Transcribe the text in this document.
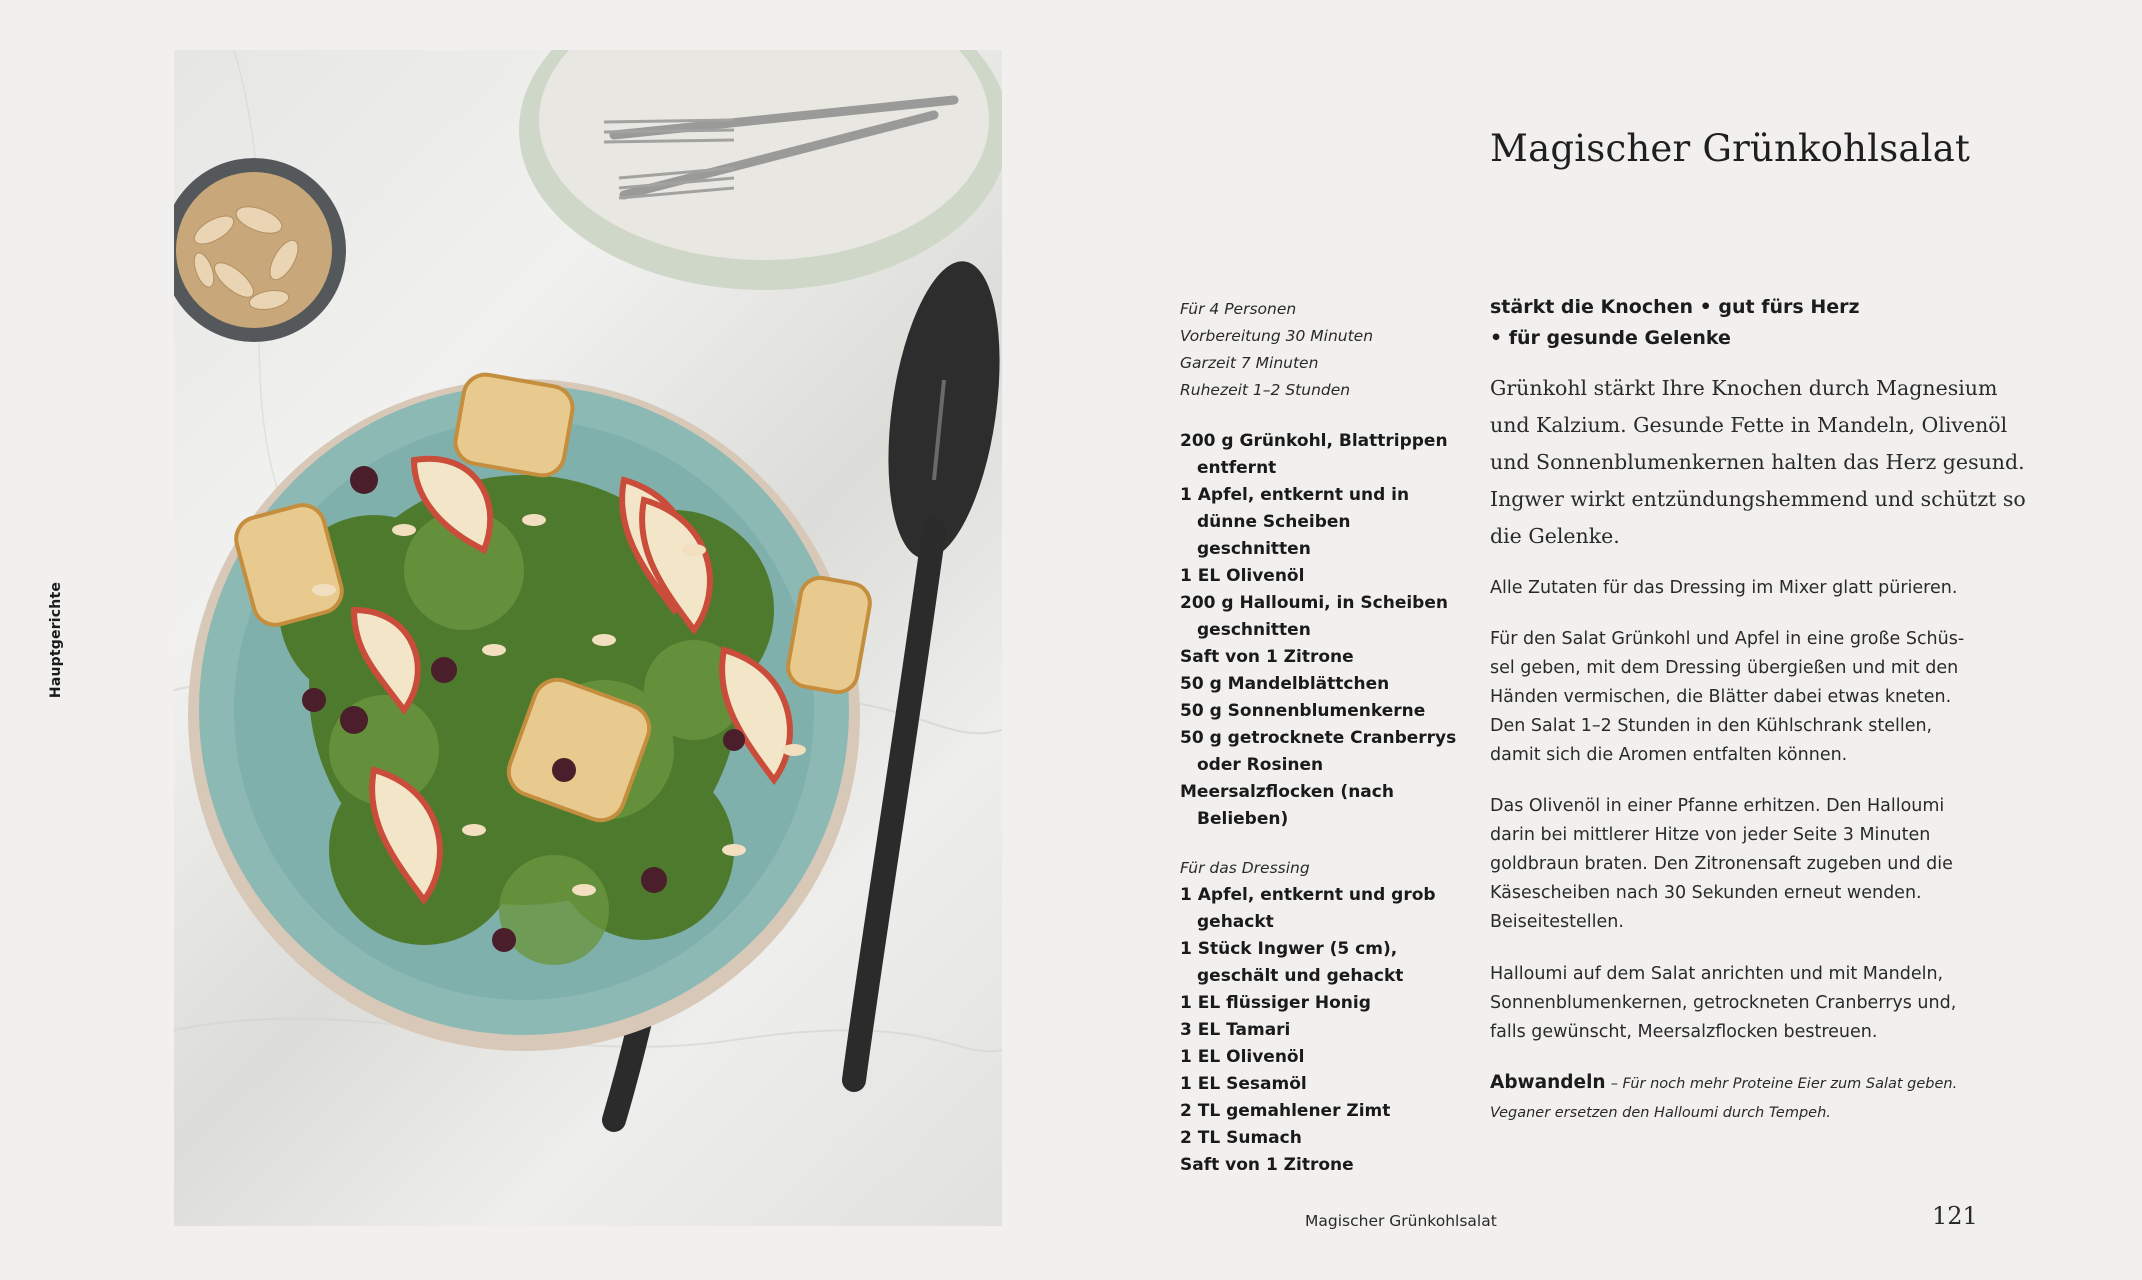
Hauptgerichte
Magischer Grünkohlsalat
Für 4 Personen
Vorbereitung 30 Minuten
Garzeit 7 Minuten
Ruhezeit 1–2 Stunden
200 g Grünkohl, Blattrippen entfernt
1 Apfel, entkernt und in dünne Scheiben geschnitten
1 EL Olivenöl
200 g Halloumi, in Scheiben geschnitten
Saft von 1 Zitrone
50 g Mandelblättchen
50 g Sonnenblumenkerne
50 g getrocknete Cranberrys oder Rosinen
Meersalzflocken (nach Belieben)
Für das Dressing
1 Apfel, entkernt und grob gehackt
1 Stück Ingwer (5 cm), geschält und gehackt
1 EL flüssiger Honig
3 EL Tamari
1 EL Olivenöl
1 EL Sesamöl
2 TL gemahlener Zimt
2 TL Sumach
Saft von 1 Zitrone
stärkt die Knochen • gut fürs Herz
• für gesunde Gelenke
Grünkohl stärkt Ihre Knochen durch Magnesium
und Kalzium. Gesunde Fette in Mandeln, Olivenöl
und Sonnenblumenkernen halten das Herz gesund.
Ingwer wirkt entzündungshemmend und schützt so
die Gelenke.
Alle Zutaten für das Dressing im Mixer glatt pürieren.
Für den Salat Grünkohl und Apfel in eine große Schüs-
sel geben, mit dem Dressing übergießen und mit den
Händen vermischen, die Blätter dabei etwas kneten.
Den Salat 1–2 Stunden in den Kühlschrank stellen,
damit sich die Aromen entfalten können.
Das Olivenöl in einer Pfanne erhitzen. Den Halloumi
darin bei mittlerer Hitze von jeder Seite 3 Minuten
goldbraun braten. Den Zitronensaft zugeben und die
Käsescheiben nach 30 Sekunden erneut wenden.
Beiseitestellen.
Halloumi auf dem Salat anrichten und mit Mandeln,
Sonnenblumenkernen, getrockneten Cranberrys und,
falls gewünscht, Meersalzflocken bestreuen.
Abwandeln – Für noch mehr Proteine Eier zum Salat geben.
Veganer ersetzen den Halloumi durch Tempeh.
Magischer Grünkohlsalat	121
